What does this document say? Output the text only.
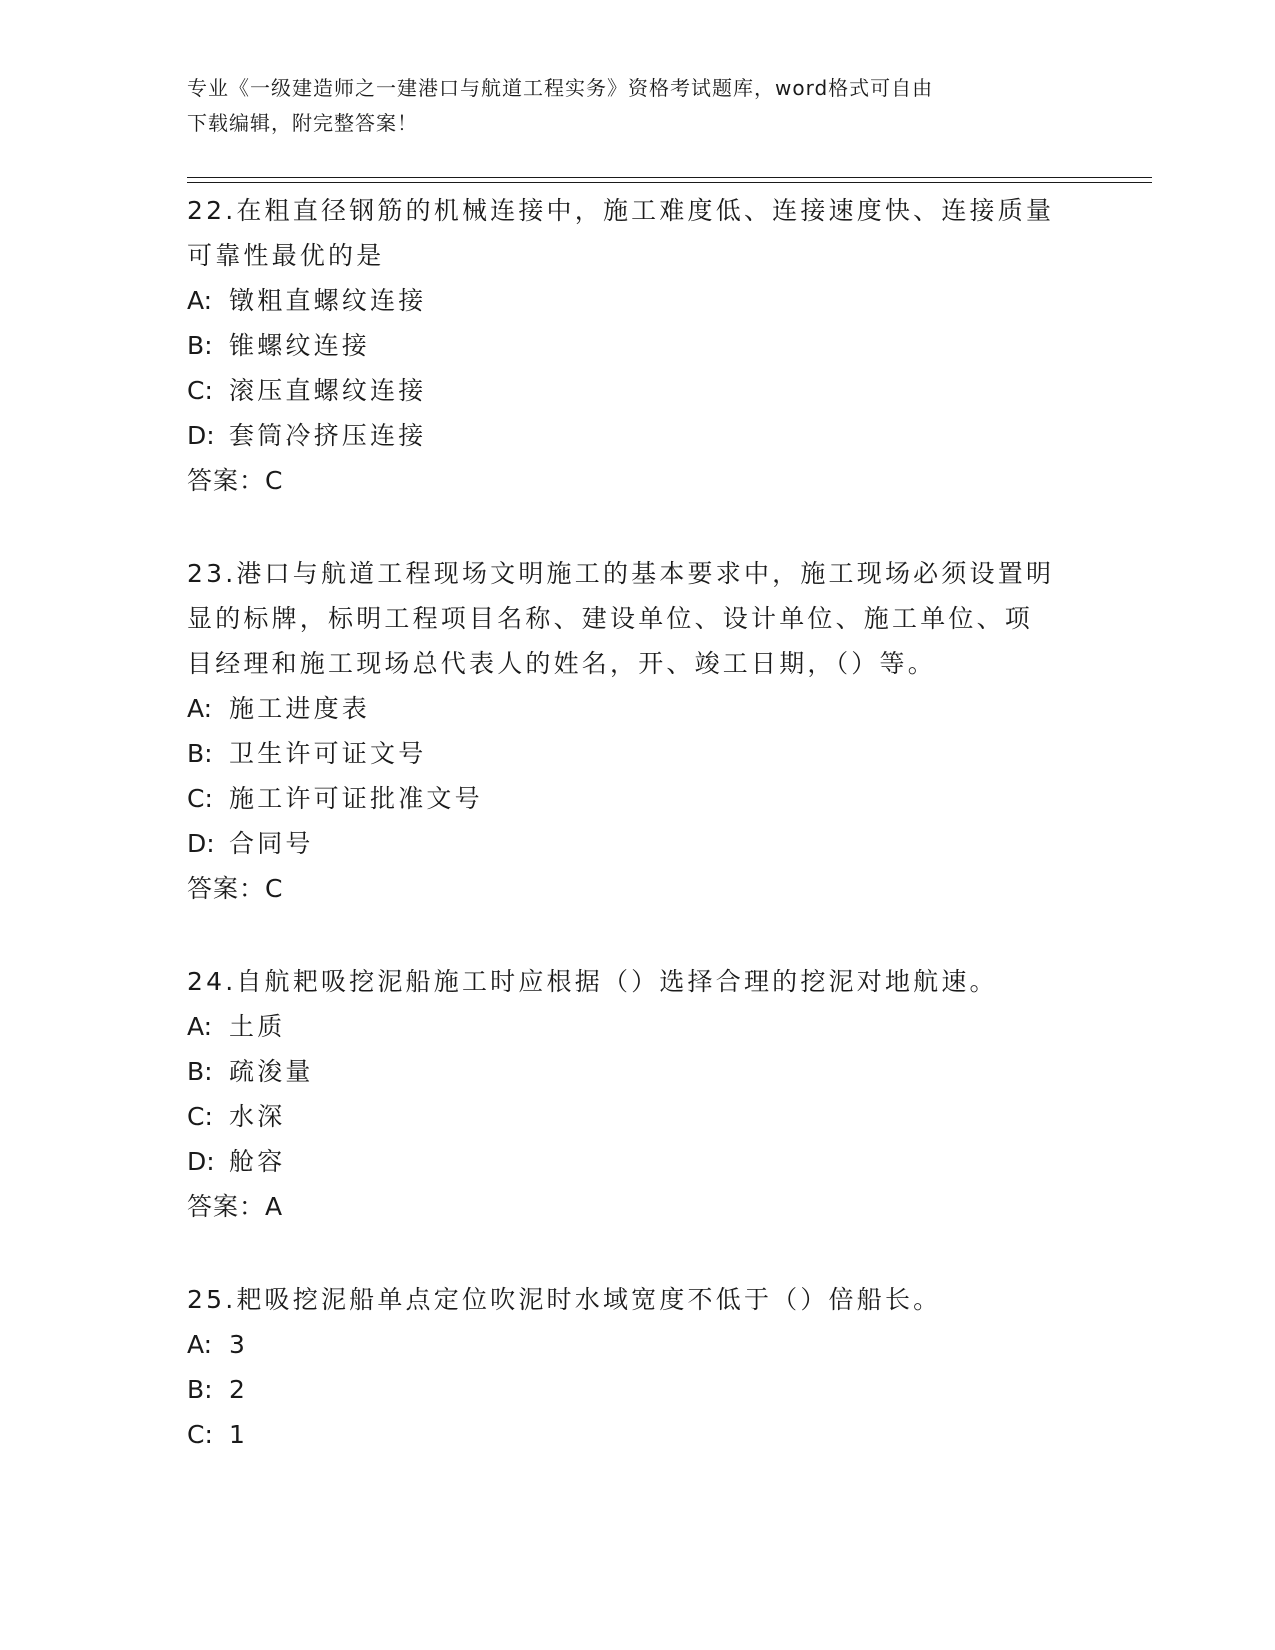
专业《一级建造师之一建港口与航道工程实务》资格考试题库，word格式可自由
下载编辑，附完整答案！
22.在粗直径钢筋的机械连接中，施工难度低、连接速度快、连接质量
可靠性最优的是
A: 镦粗直螺纹连接
B: 锥螺纹连接
C: 滚压直螺纹连接
D: 套筒冷挤压连接
答案：C
23.港口与航道工程现场文明施工的基本要求中，施工现场必须设置明
显的标牌，标明工程项目名称、建设单位、设计单位、施工单位、项
目经理和施工现场总代表人的姓名，开、竣工日期，（）等。
A: 施工进度表
B: 卫生许可证文号
C: 施工许可证批准文号
D: 合同号
答案：C
24.自航耙吸挖泥船施工时应根据（）选择合理的挖泥对地航速。
A: 土质
B: 疏浚量
C: 水深
D: 舱容
答案：A
25.耙吸挖泥船单点定位吹泥时水域宽度不低于（）倍船长。
A: 3
B: 2
C: 1
